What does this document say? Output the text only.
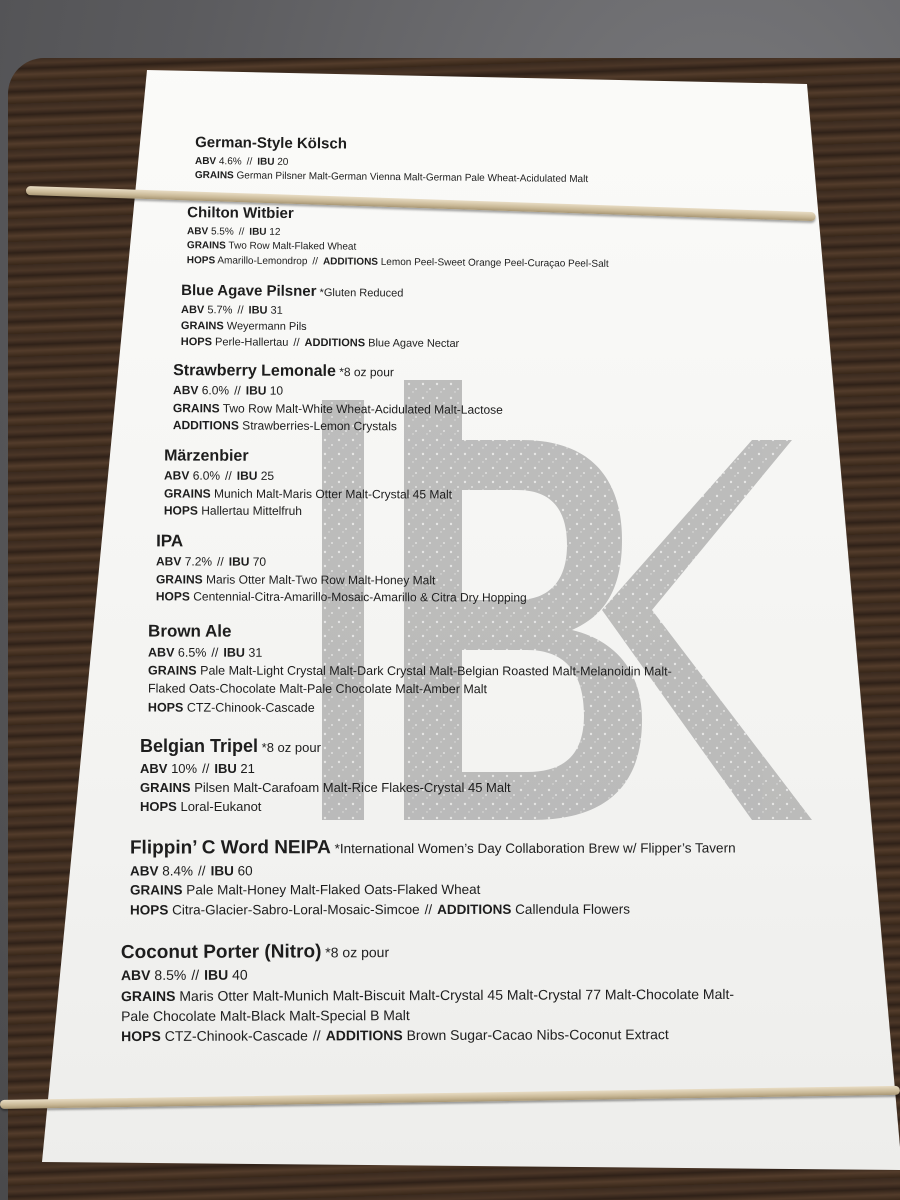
German-Style Kölsch
ABV 4.6% // IBU 20
GRAINS German Pilsner Malt-German Vienna Malt-German Pale Wheat-Acidulated Malt
Chilton Witbier
ABV 5.5% // IBU 12
GRAINS Two Row Malt-Flaked Wheat
HOPS Amarillo-Lemondrop // ADDITIONS Lemon Peel-Sweet Orange Peel-Curaçao Peel-Salt
Blue Agave Pilsner *Gluten Reduced
ABV 5.7% // IBU 31
GRAINS Weyermann Pils
HOPS Perle-Hallertau // ADDITIONS Blue Agave Nectar
Strawberry Lemonale *8 oz pour
ABV 6.0% // IBU 10
GRAINS Two Row Malt-White Wheat-Acidulated Malt-Lactose
ADDITIONS Strawberries-Lemon Crystals
Märzenbier
ABV 6.0% // IBU 25
GRAINS Munich Malt-Maris Otter Malt-Crystal 45 Malt
HOPS Hallertau Mittelfruh
IPA
ABV 7.2% // IBU 70
GRAINS Maris Otter Malt-Two Row Malt-Honey Malt
HOPS Centennial-Citra-Amarillo-Mosaic-Amarillo & Citra Dry Hopping
Brown Ale
ABV 6.5% // IBU 31
GRAINS Pale Malt-Light Crystal Malt-Dark Crystal Malt-Belgian Roasted Malt-Melanoidin Malt-
Flaked Oats-Chocolate Malt-Pale Chocolate Malt-Amber Malt
HOPS CTZ-Chinook-Cascade
Belgian Tripel *8 oz pour
ABV 10% // IBU 21
GRAINS Pilsen Malt-Carafoam Malt-Rice Flakes-Crystal 45 Malt
HOPS Loral-Eukanot
Flippin’ C Word NEIPA *International Women’s Day Collaboration Brew w/ Flipper’s Tavern
ABV 8.4% // IBU 60
GRAINS Pale Malt-Honey Malt-Flaked Oats-Flaked Wheat
HOPS Citra-Glacier-Sabro-Loral-Mosaic-Simcoe // ADDITIONS Callendula Flowers
Coconut Porter (Nitro) *8 oz pour
ABV 8.5% // IBU 40
GRAINS Maris Otter Malt-Munich Malt-Biscuit Malt-Crystal 45 Malt-Crystal 77 Malt-Chocolate Malt-
Pale Chocolate Malt-Black Malt-Special B Malt
HOPS CTZ-Chinook-Cascade // ADDITIONS Brown Sugar-Cacao Nibs-Coconut Extract
